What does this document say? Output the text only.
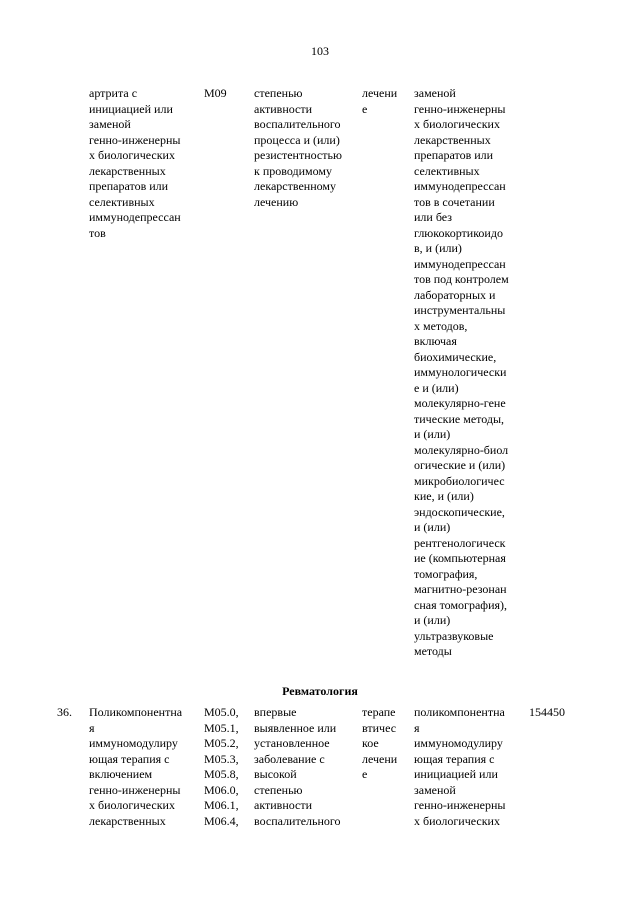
103
артрита с
инициацией или
заменой
генно-инженерны
х биологических
лекарственных
препаратов или
селективных
иммунодепрессан
тов
M09	степенью
активности
воспалительного
процесса и (или)
резистентностью
к проводимому
лекарственному
лечению
лечени
е
заменой
генно-инженерны
х биологических
лекарственных
препаратов или
селективных
иммунодепрессан
тов в сочетании
или без
глюкокортикоидо
в, и (или)
иммунодепрессан
тов под контролем
лабораторных и
инструментальны
х методов,
включая
биохимические,
иммунологически
е и (или)
молекулярно-гене
тические методы,
и (или)
молекулярно-биол
огические и (или)
микробиологичес
кие, и (или)
эндоскопические,
и (или)
рентгенологическ
ие (компьютерная
томография,
магнитно-резонан
сная томография),
и (или)
ультразвуковые
методы
Ревматология
36. Поликомпонентна
я
иммуномодулиру
ющая терапия с
включением
генно-инженерны
х биологических
лекарственных
M05.0,
M05.1,
M05.2,
M05.3,
M05.8,
M06.0,
M06.1,
M06.4,
впервые
выявленное или
установленное
заболевание с
высокой
степенью
активности
воспалительного
терапе
втичес
кое
лечени
е
поликомпонентна
я
иммуномодулиру
ющая терапия с
инициацией или
заменой
генно-инженерны
х биологических
154450
